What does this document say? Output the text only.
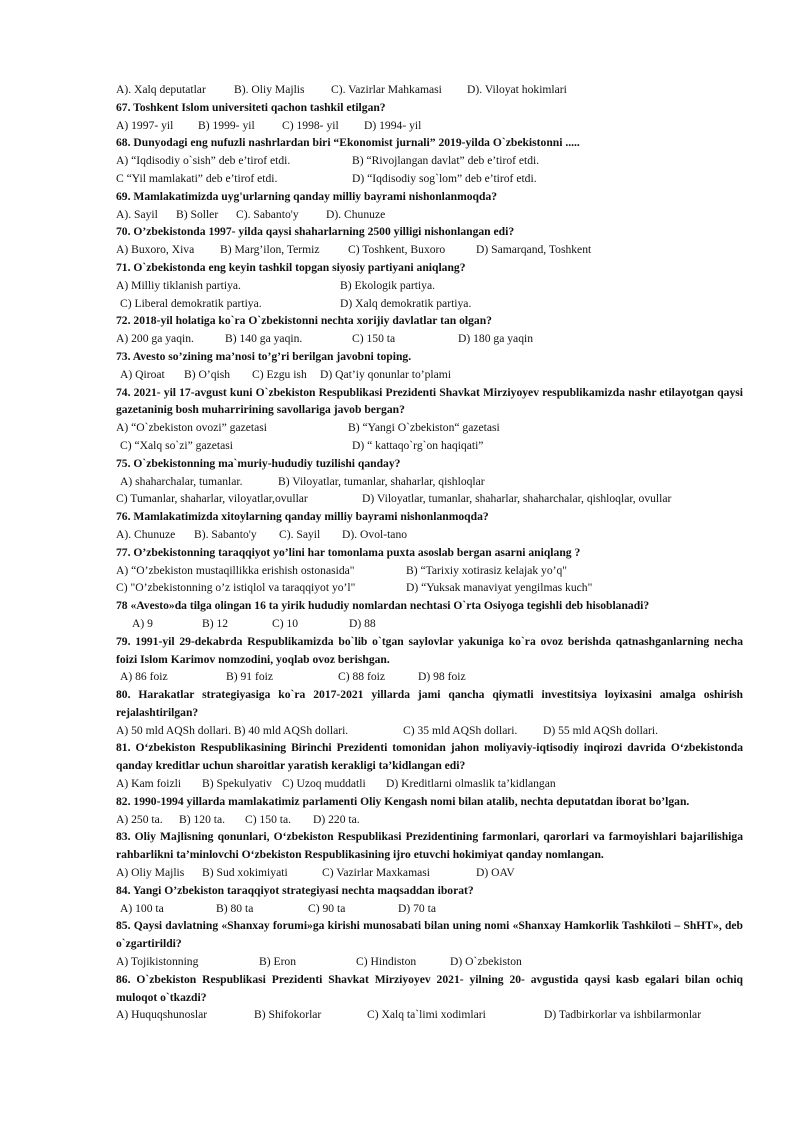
A). Xalq deputatlar	B). Oliy Majlis	C). Vazirlar Mahkamasi	D). Viloyat hokimlari
67. Toshkent Islom universiteti qachon tashkil etilgan?
A) 1997- yil	B) 1999- yil	C) 1998- yil	D) 1994- yil
68. Dunyodagi eng nufuzli nashrlardan biri “Ekonomist jurnali” 2019-yilda O`zbekistonni .....
A) “Iqdisodiy o`sish” deb e’tirof etdi.	B) “Rivojlangan davlat” deb e’tirof etdi.
C “Yil mamlakati” deb e’tirof etdi.	D) “Iqdisodiy sog`lom” deb e’tirof etdi.
69. Mamlakatimizda uyg'urlarning qanday milliy bayrami nishonlanmoqda?
A). Sayil	B) Soller	C). Sabanto'y	D). Chunuze
70. O’zbekistonda 1997- yilda qaysi shaharlarning 2500 yilligi nishonlangan edi?
A) Buxoro, Xiva	B) Marg’ilon, Termiz	C) Toshkent, Buxoro	D) Samarqand, Toshkent
71. O`zbekistonda eng keyin tashkil topgan siyosiy partiyani aniqlang?
A) Milliy tiklanish partiya.	B) Ekologik partiya.
C) Liberal demokratik partiya.	D) Xalq demokratik partiya.
72. 2018-yil holatiga ko`ra O`zbekistonni nechta xorijiy davlatlar tan olgan?
A) 200 ga yaqin.	B) 140 ga yaqin.	C) 150 ta	D) 180 ga yaqin
73. Avesto so’zining ma’nosi to’g’ri berilgan javobni toping.
A) Qiroat	B) O’qish	C) Ezgu ish	D) Qat’iy qonunlar to’plami
74. 2021- yil 17-avgust kuni O`zbekiston Respublikasi Prezidenti Shavkat Mirziyoyev respublikamizda nashr etilayotgan qaysi gazetaninig bosh muharririning savollariga javob bergan?
A) “O`zbekiston ovozi” gazetasi	B) “Yangi O`zbekiston“ gazetasi
C) “Xalq so`zi” gazetasi	D) “ kattaqo`rg`on haqiqati”
75. O`zbekistonning ma`muriy-hududiy tuzilishi qanday?
A) shaharchalar, tumanlar.	B) Viloyatlar, tumanlar, shaharlar, qishloqlar
C) Tumanlar, shaharlar, viloyatlar,ovullar	D) Viloyatlar, tumanlar, shaharlar, shaharchalar, qishloqlar, ovullar
76. Mamlakatimizda xitoylarning qanday milliy bayrami nishonlanmoqda?
A). Chunuze	B). Sabanto'y	C). Sayil	D). Ovol-tano
77. O’zbekistonning taraqqiyot yo’lini har tomonlama puxta asoslab bergan asarni aniqlang ?
A) “O’zbekiston mustaqillikka erishish ostonasida"	B) “Tarixiy xotirasiz kelajak yo’q"
C) "O’zbekistonning o’z istiqlol va taraqqiyot yo’l"	D) “Yuksak manaviyat yengilmas kuch"
78 «Avesto»da tilga olingan 16 ta yirik hududiy nomlardan nechtasi O`rta Osiyoga tegishli deb hisoblanadi?
A) 9	B) 12	C) 10	D) 88
79. 1991-yil 29-dekabrda Respublikamizda bo`lib o`tgan saylovlar yakuniga ko`ra ovoz berishda qatnashganlarning necha foizi Islom Karimov nomzodini, yoqlab ovoz berishgan.
A) 86 foiz	B) 91 foiz	C) 88 foiz	D) 98 foiz
80. Harakatlar strategiyasiga ko`ra 2017-2021 yillarda jami qancha qiymatli investitsiya loyixasini amalga oshirish rejalashtirilgan?
A) 50 mld AQSh dollari. B) 40 mld AQSh dollari.	C) 35 mld AQSh dollari.	D) 55 mld AQSh dollari.
81. O‘zbekiston Respublikasining Birinchi Prezidenti tomonidan jahon moliyaviy-iqtisodiy inqirozi davrida O‘zbekistonda qanday kreditlar uchun sharoitlar yaratish kerakligi ta’kidlangan edi?
A) Kam foizli	B) Spekulyativ C) Uzoq muddatli	D) Kreditlarni olmaslik ta’kidlangan
82. 1990-1994 yillarda mamlakatimiz parlamenti Oliy Kengash nomi bilan atalib, nechta deputatdan iborat bo’lgan.
A) 250 ta.	B) 120 ta.	C) 150 ta.	D) 220 ta.
83. Oliy Majlisning qonunlari, O‘zbekiston Respublikasi Prezidentining farmonlari, qarorlari va farmoyishlari bajarilishiga rahbarlikni ta’minlovchi O‘zbekiston Respublikasining ijro etuvchi hokimiyat qanday nomlangan.
A) Oliy Majlis	B) Sud xokimiyati	C) Vazirlar Maxkamasi	D) OAV
84. Yangi O’zbekiston taraqqiyot strategiyasi nechta maqsaddan iborat?
A) 100 ta	B) 80 ta	C) 90 ta	D) 70 ta
85. Qaysi davlatning «Shanxay forumi»ga kirishi munosabati bilan uning nomi «Shanxay Hamkorlik Tashkiloti – ShHT», deb o`zgartirildi?
A) Tojikistonning	B) Eron	C) Hindiston	D) O`zbekiston
86. O`zbekiston Respublikasi Prezidenti Shavkat Mirziyoyev 2021- yilning 20- avgustida qaysi kasb egalari bilan ochiq muloqot o`tkazdi?
A) Huquqshunoslar	B) Shifokorlar	C) Xalq ta`limi xodimlari	D) Tadbirkorlar va ishbilarmonlar
